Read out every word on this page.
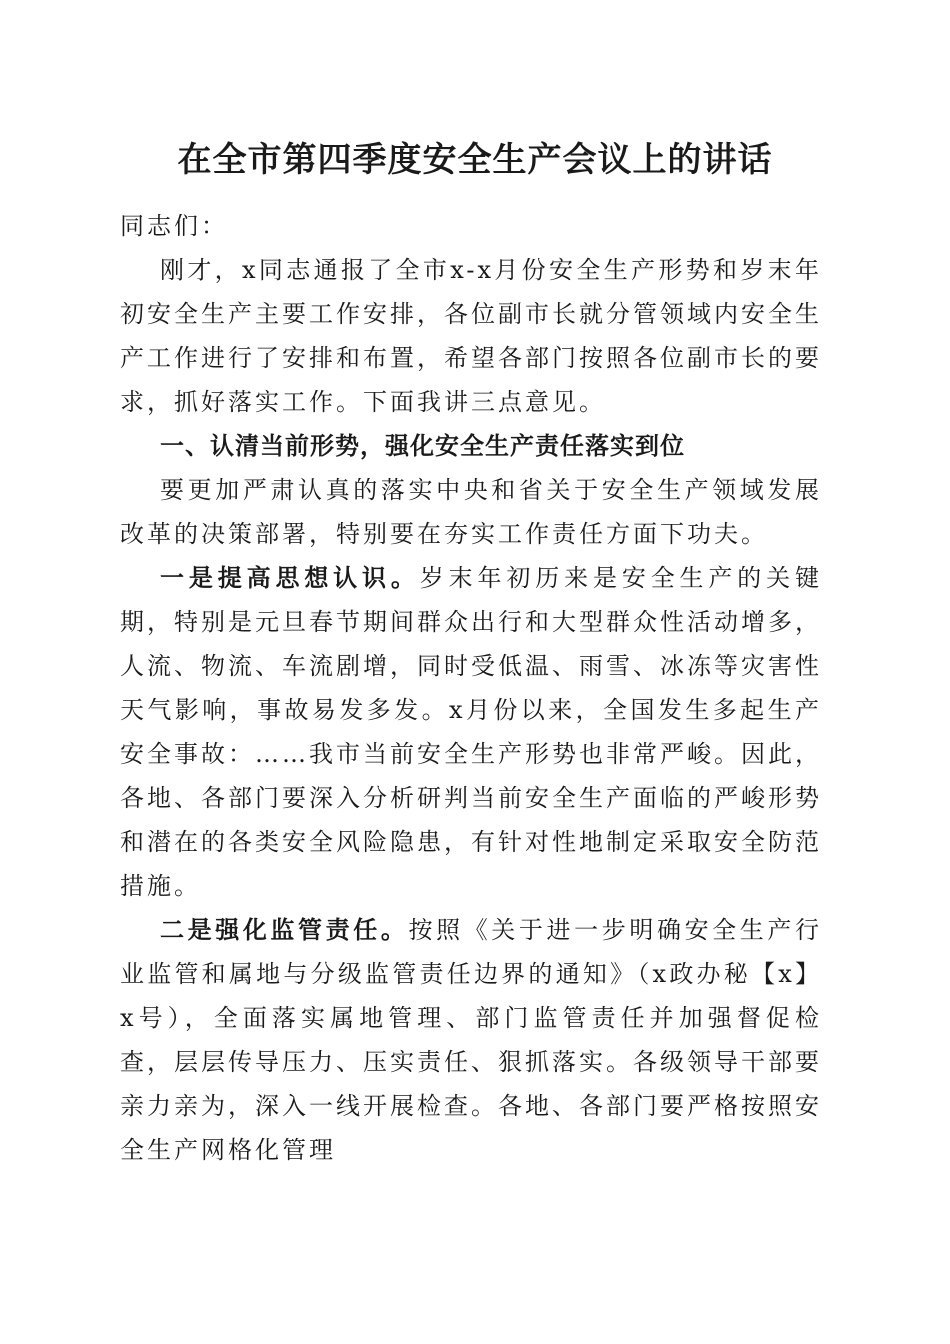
在全市第四季度安全生产会议上的讲话

同志们：

刚才，x同志通报了全市x-x月份安全生产形势和岁末年初安全生产主要工作安排，各位副市长就分管领域内安全生产工作进行了安排和布置，希望各部门按照各位副市长的要求，抓好落实工作。下面我讲三点意见。

一、认清当前形势，强化安全生产责任落实到位

要更加严肃认真的落实中央和省关于安全生产领域发展改革的决策部署，特别要在夯实工作责任方面下功夫。

一是提高思想认识。岁末年初历来是安全生产的关键期，特别是元旦春节期间群众出行和大型群众性活动增多，人流、物流、车流剧增，同时受低温、雨雪、冰冻等灾害性天气影响，事故易发多发。x月份以来，全国发生多起生产安全事故：……我市当前安全生产形势也非常严峻。因此，各地、各部门要深入分析研判当前安全生产面临的严峻形势和潜在的各类安全风险隐患，有针对性地制定采取安全防范措施。

二是强化监管责任。按照《关于进一步明确安全生产行业监管和属地与分级监管责任边界的通知》（x政办秘【x】x号），全面落实属地管理、部门监管责任并加强督促检查，层层传导压力、压实责任、狠抓落实。各级领导干部要亲力亲为，深入一线开展检查。各地、各部门要严格按照安全生产网格化管理
